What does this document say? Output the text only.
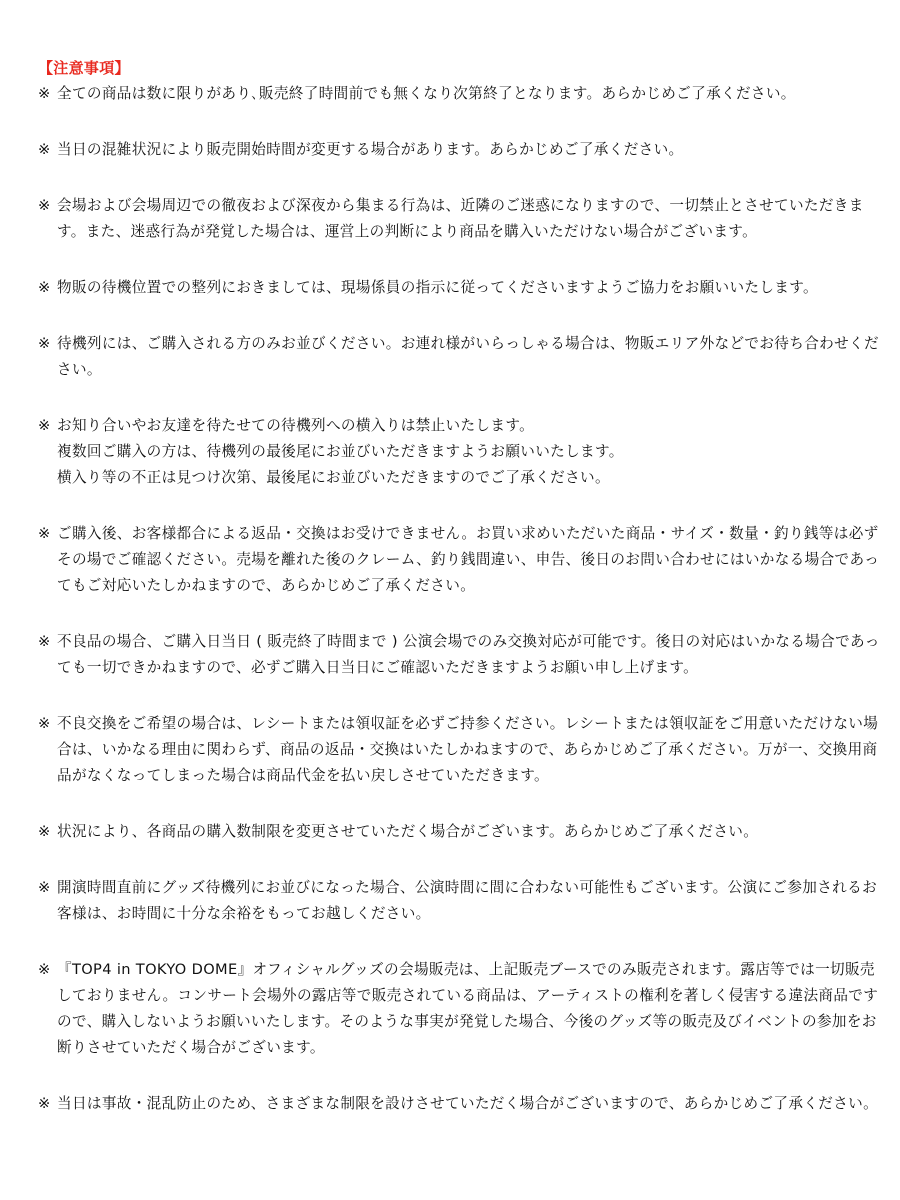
【注意事項】

※ 全ての商品は数に限りがあり､販売終了時間前でも無くなり次第終了となります。あらかじめご了承ください。

※ 当日の混雑状況により販売開始時間が変更する場合があります。あらかじめご了承ください。

※ 会場および会場周辺での徹夜および深夜から集まる行為は、近隣のご迷惑になりますので、一切禁止とさせていただきます。また、迷惑行為が発覚した場合は、運営上の判断により商品を購入いただけない場合がございます。

※ 物販の待機位置での整列におきましては、現場係員の指示に従ってくださいますようご協力をお願いいたします。

※ 待機列には、ご購入される方のみお並びください。お連れ様がいらっしゃる場合は、物販エリア外などでお待ち合わせください。

※ お知り合いやお友達を待たせての待機列への横入りは禁止いたします。
複数回ご購入の方は、待機列の最後尾にお並びいただきますようお願いいたします。
横入り等の不正は見つけ次第、最後尾にお並びいただきますのでご了承ください。

※ ご購入後、お客様都合による返品・交換はお受けできません。お買い求めいただいた商品・サイズ・数量・釣り銭等は必ずその場でご確認ください。売場を離れた後のクレーム、釣り銭間違い、申告、後日のお問い合わせにはいかなる場合であってもご対応いたしかねますので、あらかじめご了承ください。

※ 不良品の場合、ご購入日当日 ( 販売終了時間まで ) 公演会場でのみ交換対応が可能です。後日の対応はいかなる場合であっても一切できかねますので、必ずご購入日当日にご確認いただきますようお願い申し上げます。

※ 不良交換をご希望の場合は、レシートまたは領収証を必ずご持参ください。レシートまたは領収証をご用意いただけない場合は、いかなる理由に関わらず、商品の返品・交換はいたしかねますので、あらかじめご了承ください。万が一、交換用商品がなくなってしまった場合は商品代金を払い戻しさせていただきます。

※ 状況により、各商品の購入数制限を変更させていただく場合がございます。あらかじめご了承ください。

※ 開演時間直前にグッズ待機列にお並びになった場合、公演時間に間に合わない可能性もございます。公演にご参加されるお客様は、お時間に十分な余裕をもってお越しください。

※ 『TOP4 in TOKYO DOME』オフィシャルグッズの会場販売は、上記販売ブースでのみ販売されます。露店等では一切販売しておりません。コンサート会場外の露店等で販売されている商品は、アーティストの権利を著しく侵害する違法商品ですので、購入しないようお願いいたします。そのような事実が発覚した場合、今後のグッズ等の販売及びイベントの参加をお断りさせていただく場合がございます。

※ 当日は事故・混乱防止のため、さまざまな制限を設けさせていただく場合がございますので、あらかじめご了承ください。
